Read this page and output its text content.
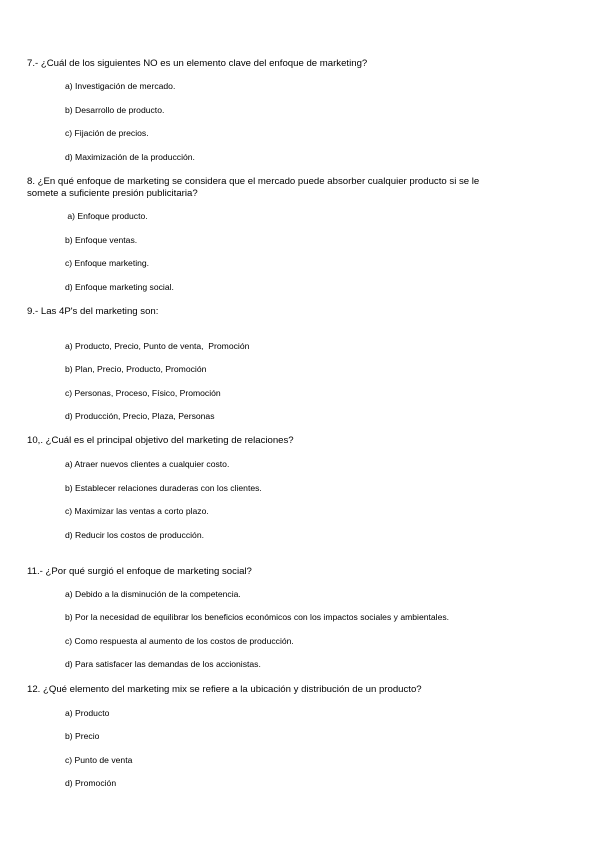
7.- ¿Cuál de los siguientes NO es un elemento clave del enfoque de marketing?
a) Investigación de mercado.
b) Desarrollo de producto.
c) Fijación de precios.
d) Maximización de la producción.
8. ¿En qué enfoque de marketing se considera que el mercado puede absorber cualquier producto si se le
somete a suficiente presión publicitaria?
a) Enfoque producto.
b) Enfoque ventas.
c) Enfoque marketing.
d) Enfoque marketing social.
9.- Las 4P's del marketing son:
a) Producto, Precio, Punto de venta,  Promoción
b) Plan, Precio, Producto, Promoción
c) Personas, Proceso, Físico, Promoción
d) Producción, Precio, Plaza, Personas
10,. ¿Cuál es el principal objetivo del marketing de relaciones?
a) Atraer nuevos clientes a cualquier costo.
b) Establecer relaciones duraderas con los clientes.
c) Maximizar las ventas a corto plazo.
d) Reducir los costos de producción.
11.- ¿Por qué surgió el enfoque de marketing social?
a) Debido a la disminución de la competencia.
b) Por la necesidad de equilibrar los beneficios económicos con los impactos sociales y ambientales.
c) Como respuesta al aumento de los costos de producción.
d) Para satisfacer las demandas de los accionistas.
12. ¿Qué elemento del marketing mix se refiere a la ubicación y distribución de un producto?
a) Producto
b) Precio
c) Punto de venta
d) Promoción
